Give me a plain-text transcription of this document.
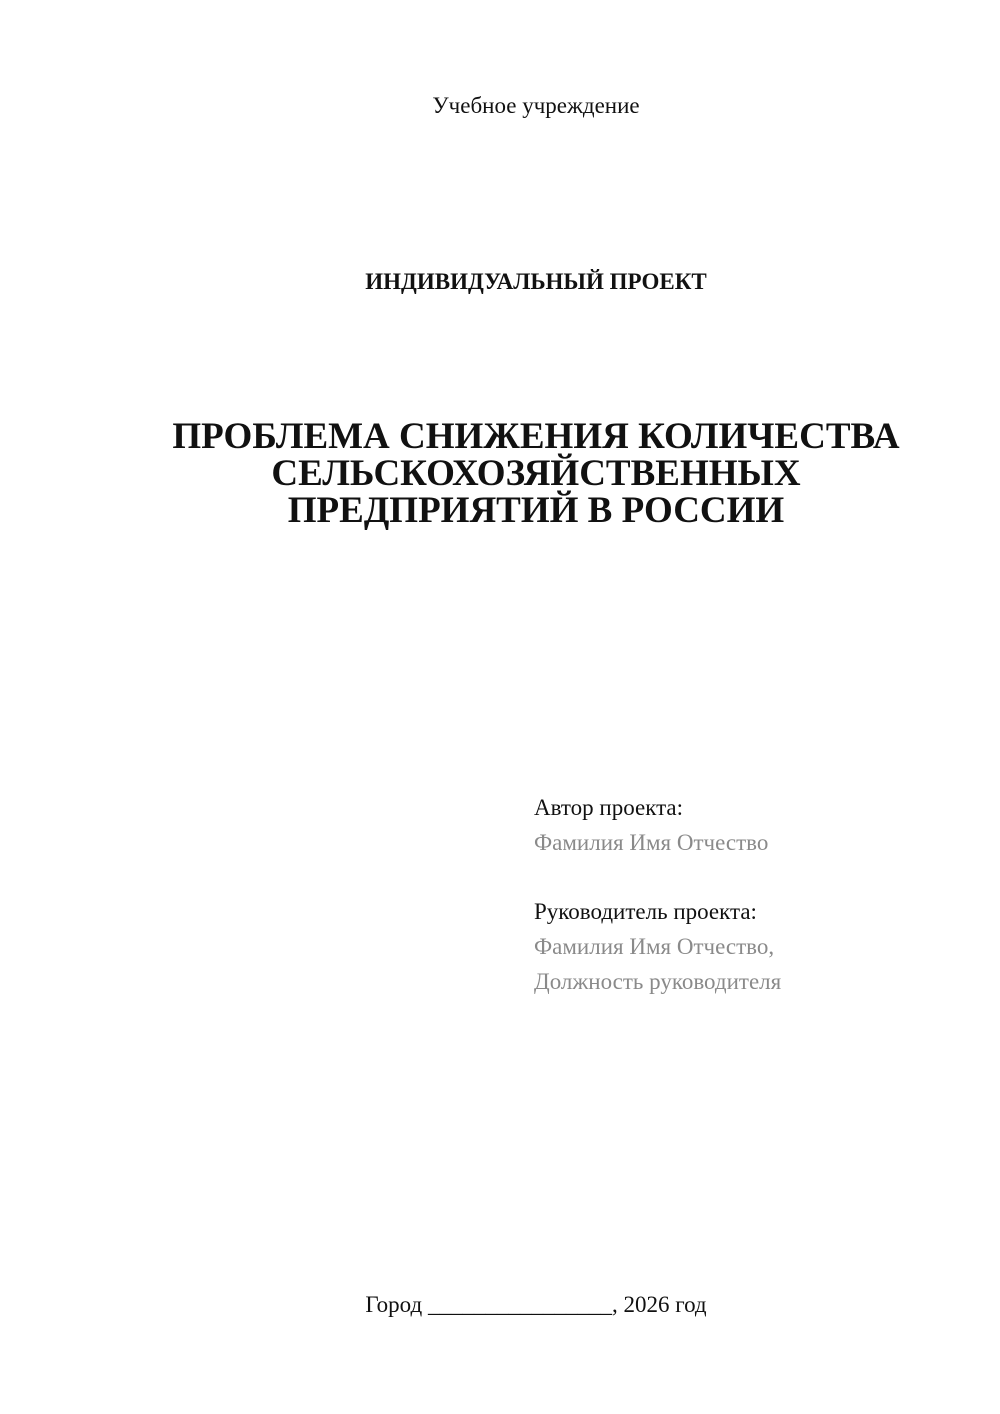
Учебное учреждение
ИНДИВИДУАЛЬНЫЙ ПРОЕКТ
ПРОБЛЕМА СНИЖЕНИЯ КОЛИЧЕСТВА
СЕЛЬСКОХОЗЯЙСТВЕННЫХ
ПРЕДПРИЯТИЙ В РОССИИ
Автор проекта:
Фамилия Имя Отчество
Руководитель проекта:
Фамилия Имя Отчество,
Должность руководителя
Город ________________, 2026 год
